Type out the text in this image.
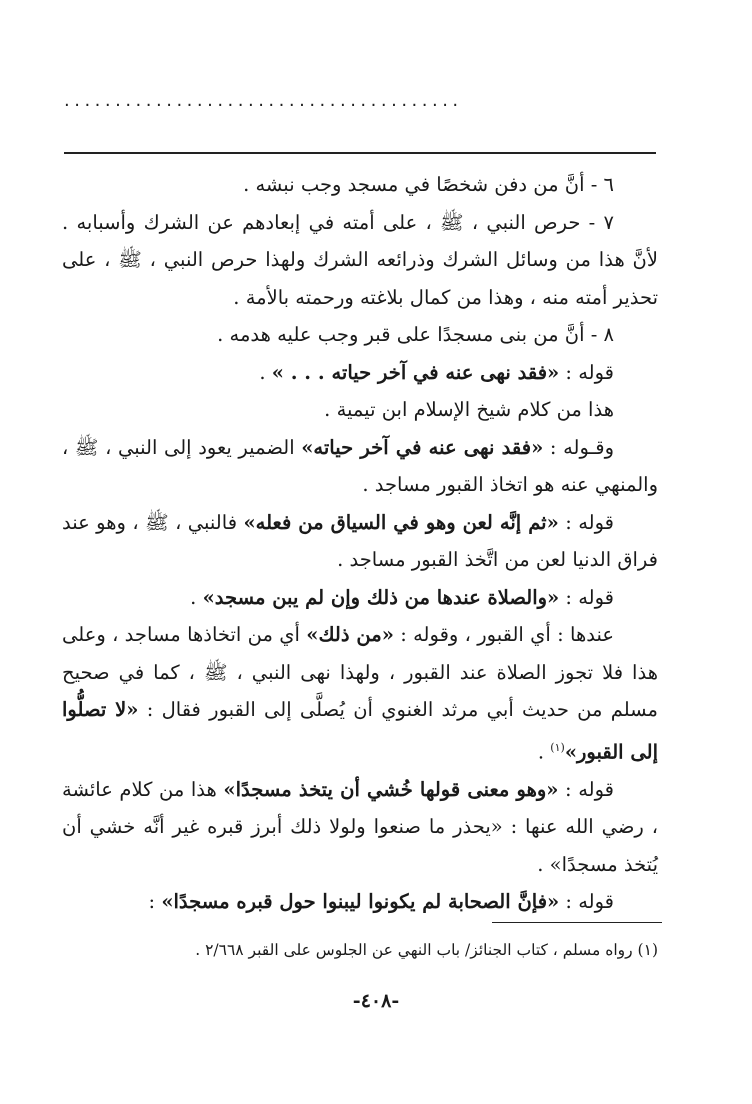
.......................................

٦ - أنَّ من دفن شخصًا في مسجد وجب نبشه .

٧ - حرص النبي ، ﷺ ، على أمته في إبعادهم عن الشرك وأسبابه . لأنَّ هذا من وسائل الشرك وذرائعه الشرك ولهذا حرص النبي ، ﷺ ، على تحذير أمته منه ، وهذا من كمال بلاغته ورحمته بالأمة .

٨ - أنَّ من بنى مسجدًا على قبر وجب عليه هدمه .

قوله : «فقد نهى عنه في آخر حياته . . . » .

هذا من كلام شيخ الإسلام ابن تيمية .

وقـوله : «فقد نهى عنه في آخر حياته» الضمير يعود إلى النبي ، ﷺ ، والمنهي عنه هو اتخاذ القبور مساجد .

قوله : «ثم إنَّه لعن وهو في السياق من فعله» فالنبي ، ﷺ ، وهو عند فراق الدنيا لعن من اتَّخذ القبور مساجد .

قوله : «والصلاة عندها من ذلك وإن لم يبن مسجد» .

عندها : أي القبور ، وقوله : «من ذلك» أي من اتخاذها مساجد ، وعلى هذا فلا تجوز الصلاة عند القبور ، ولهذا نهى النبي ، ﷺ ، كما في صحيح مسلم من حديث أبي مرثد الغنوي أن يُصلَّى إلى القبور فقال : «لا تصلُّوا إلى القبور»$^{(١)}$ .

قوله : «وهو معنى قولها خُشي أن يتخذ مسجدًا» هذا من كلام عائشة ، رضي الله عنها : «يحذر ما صنعوا ولولا ذلك أبرز قبره غير أنَّه خشي أن يُتخذ مسجدًا» .

قوله : «فإنَّ الصحابة لم يكونوا ليبنوا حول قبره مسجدًا» :

(١) رواه مسلم ، كتاب الجنائز/ باب النهي عن الجلوس على القبر ٢/٦٦٨ .
-٤٠٨-
